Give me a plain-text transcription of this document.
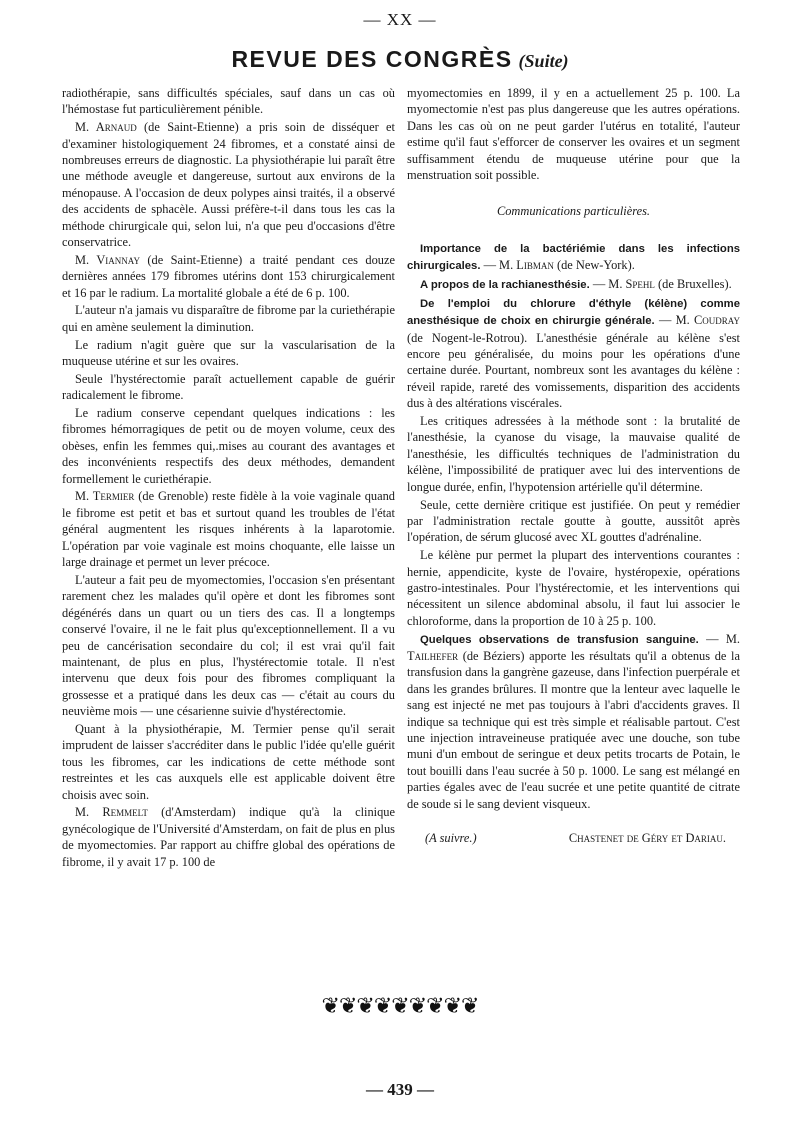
— XX —
REVUE DES CONGRÈS (Suite)

radiothérapie, sans difficultés spéciales, sauf dans un cas où l'hémostase fut particulièrement pénible.

M. Arnaud (de Saint-Etienne) a pris soin de disséquer et d'examiner histologiquement 24 fibromes, et a constaté ainsi de nombreuses erreurs de diagnostic. La physiothérapie lui paraît être une méthode aveugle et dangereuse, surtout aux environs de la ménopause. A l'occasion de deux polypes ainsi traités, il a observé des accidents de sphacèle. Aussi préfère-t-il dans tous les cas la méthode chirurgicale qui, selon lui, n'a que peu d'occasions d'être conservatrice.

M. Viannay (de Saint-Etienne) a traité pendant ces douze dernières années 179 fibromes utérins dont 153 chirurgicalement et 16 par le radium. La mortalité globale a été de 6 p. 100.

L'auteur n'a jamais vu disparaître de fibrome par la curiethérapie qui en amène seulement la diminution.

Le radium n'agit guère que sur la vascularisation de la muqueuse utérine et sur les ovaires.

Seule l'hystérectomie paraît actuellement capable de guérir radicalement le fibrome.

Le radium conserve cependant quelques indications : les fibromes hémorragiques de petit ou de moyen volume, ceux des obèses, enfin les femmes qui,.mises au courant des avantages et des inconvénients respectifs des deux méthodes, demandent formellement le curiethérapie.

M. Termier (de Grenoble) reste fidèle à la voie vaginale quand le fibrome est petit et bas et surtout quand les troubles de l'état général augmentent les risques inhérents à la laparotomie. L'opération par voie vaginale est moins choquante, elle laisse un large drainage et permet un lever précoce.

L'auteur a fait peu de myomectomies, l'occasion s'en présentant rarement chez les malades qu'il opère et dont les fibromes sont dégénérés dans un quart ou un tiers des cas. Il a longtemps conservé l'ovaire, il ne le fait plus qu'exceptionnellement. Il a vu peu de cancérisation secondaire du col; il est vrai qu'il fait maintenant, de plus en plus, l'hystérectomie totale. Il n'est intervenu que deux fois pour des fibromes compliquant la grossesse et a pratiqué dans les deux cas — c'était au cours du neuvième mois — une césarienne suivie d'hystérectomie.

Quant à la physiothérapie, M. Termier pense qu'il serait imprudent de laisser s'accréditer dans le public l'idée qu'elle guérit tous les fibromes, car les indications de cette méthode sont restreintes et les cas auxquels elle est applicable doivent être choisis avec soin.

M. Remmelt (d'Amsterdam) indique qu'à la clinique gynécologique de l'Université d'Amsterdam, on fait de plus en plus de myomectomies. Par rapport au chiffre global des opérations de fibrome, il y avait 17 p. 100 de

myomectomies en 1899, il y en a actuellement 25 p. 100. La myomectomie n'est pas plus dangereuse que les autres opérations. Dans les cas où on ne peut garder l'utérus en totalité, l'auteur estime qu'il faut s'efforcer de conserver les ovaires et un segment suffisamment étendu de muqueuse utérine pour que la menstruation soit possible.

Communications particulières.

Importance de la bactériémie dans les infections chirurgicales. — M. Libman (de New-York).

A propos de la rachianesthésie. — M. Spehl (de Bruxelles).

De l'emploi du chlorure d'éthyle (kélène) comme anesthésique de choix en chirurgie générale. — M. Coudray (de Nogent-le-Rotrou). L'anesthésie générale au kélène s'est encore peu généralisée, du moins pour les opérations d'une certaine durée. Pourtant, nombreux sont les avantages du kélène : réveil rapide, rareté des vomissements, disparition des accidents dus à des altérations viscérales.

Les critiques adressées à la méthode sont : la brutalité de l'anesthésie, la cyanose du visage, la mauvaise qualité de l'anesthésie, les difficultés techniques de l'administration du kélène, l'impossibilité de pratiquer avec lui des interventions de longue durée, enfin, l'hypotension artérielle qu'il détermine.

Seule, cette dernière critique est justifiée. On peut y remédier par l'administration rectale goutte à goutte, aussitôt après l'opération, de sérum glucosé avec XL gouttes d'adrénaline.

Le kélène pur permet la plupart des interventions courantes : hernie, appendicite, kyste de l'ovaire, hystéropexie, opérations gastro-intestinales. Pour l'hystérectomie, et les interventions qui nécessitent un silence abdominal absolu, il faut lui associer le chloroforme, dans la proportion de 10 à 25 p. 100.

Quelques observations de transfusion sanguine. — M. Tailhefer (de Béziers) apporte les résultats qu'il a obtenus de la transfusion dans la gangrène gazeuse, dans l'infection puerpérale et dans les grandes brûlures. Il montre que la lenteur avec laquelle le sang est injecté ne met pas toujours à l'abri d'accidents graves. Il indique sa technique qui est très simple et réalisable partout. C'est une injection intraveineuse pratiquée avec une douche, son tube muni d'un embout de seringue et deux petits trocarts de Potain, le tout bouilli dans l'eau sucrée à 50 p. 1000. Le sang est mélangé en parties égales avec de l'eau sucrée et une petite quantité de citrate de soude si le sang devient visqueux.

(A suivre.)	Chastenet de Géry et Dariau.
❦❦❦❦❦❦❦❦❦
— 439 —
